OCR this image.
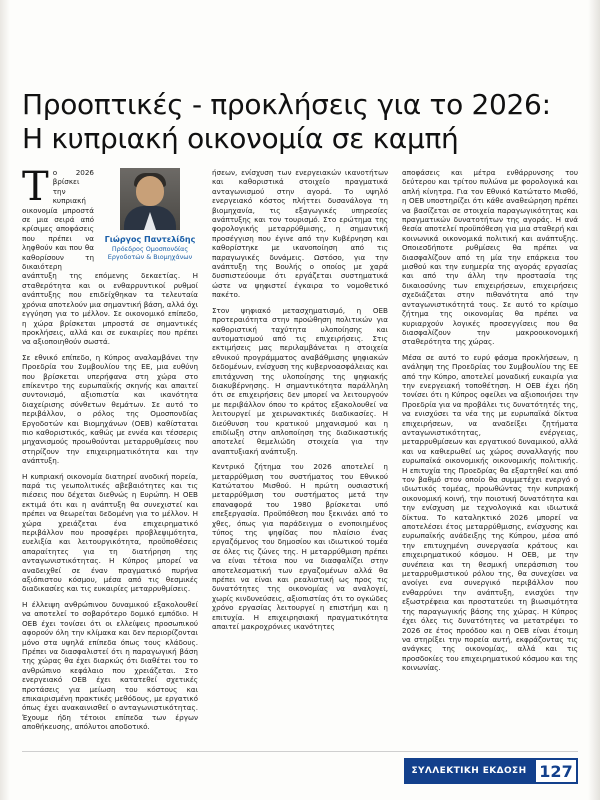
Προοπτικές - προκλήσεις για το 2026:
Η κυπριακή οικονομία σε καμπή
Γιώργος Παντελίδης
Πρόεδρος Ομοσπονδίας
Εργοδοτών & Βιομηχάνων

Το 2026 βρίσκει την κυπριακή οικονομία μπροστά σε μια σειρά από κρίσιμες αποφάσεις που πρέπει να ληφθούν και που θα καθορίσουν τη δικαιότερη ανάπτυξη της επόμενης δεκαετίας. Η σταθερότητα και οι ενθαρρυντικοί ρυθμοί ανάπτυξης που επιδείχθηκαν τα τελευταία χρόνια αποτελούν μια σημαντική βάση, αλλά όχι εγγύηση για το μέλλον. Σε οικονομικό επίπεδο, η χώρα βρίσκεται μπροστά σε σημαντικές προκλήσεις, αλλά και σε ευκαιρίες που πρέπει να αξιοποιηθούν σωστά.

Σε εθνικό επίπεδο, η Κύπρος αναλαμβάνει την Προεδρία του Συμβουλίου της ΕΕ, μια ευθύνη που βρίσκεται υπερήφανα στη χώρα στο επίκεντρο της ευρωπαϊκής σκηνής και απαιτεί συντονισμό, αξιοπιστία και ικανότητα διαχείρισης σύνθετων θεμάτων. Σε αυτό το περιβάλλον, ο ρόλος της Ομοσπονδίας Εργοδοτών και Βιομηχάνων (ΟΕΒ) καθίσταται πιο καθοριστικός, καθώς με εννέα και τέσσερις μηχανισμούς προωθούνται μεταρρυθμίσεις που στηρίζουν την επιχειρηματικότητα και την ανάπτυξη.

Η κυπριακή οικονομία διατηρεί ανοδική πορεία, παρά τις γεωπολιτικές αβεβαιότητες και τις πιέσεις που δέχεται διεθνώς η Ευρώπη. Η ΟΕΒ εκτιμά ότι και η ανάπτυξη θα συνεχιστεί και πρέπει να θεωρείται δεδομένη για το μέλλον. Η χώρα χρειάζεται ένα επιχειρηματικό περιβάλλον που προσφέρει προβλεψιμότητα, ευελιξία και λειτουργικότητα, προϋποθέσεις απαραίτητες για τη διατήρηση της ανταγωνιστικότητας. Η Κύπρος μπορεί να αναδειχθεί σε έναν πραγματικό πυρήνα αξιόπιστου κόσμου, μέσα από τις θεσμικές διαδικασίες και τις ευκαιρίες μεταρρυθμίσεις.

Η έλλειψη ανθρώπινου δυναμικού εξακολουθεί να αποτελεί το σοβαρότερο δομικό εμπόδιο. Η ΟΕΒ έχει τονίσει ότι οι ελλείψεις προσωπικού αφορούν όλη την κλίμακα και δεν περιορίζονται μόνο στα υψηλά επίπεδα όπως τους κλάδους. Πρέπει να διασφαλιστεί ότι η παραγωγική βάση της χώρας θα έχει διαρκώς ότι διαθέτει του το ανθρώπινο κεφάλαιο που χρειάζεται. Στο ενεργειακό ΟΕΒ έχει κατατεθεί σχετικές προτάσεις για μείωση του κόστους και επικαιρισμένη πρακτικές μεθόδους, με εργατικό όπως έχει ανακαινισθεί ο ανταγωνιστικότητας. Έχουμε ήδη τέτοιοι επίπεδα των έργων αποθήκευσης, απόλυτοι αποδοτικό.

ήσεων, ενίσχυση των ενεργειακών ικανοτήτων και καθοριστικά στοιχείο πραγματικά ανταγωνισμού στην αγορά. Το υψηλό ενεργειακό κόστος πλήττει δυσανάλογα τη βιομηχανία, τις εξαγωγικές υπηρεσίες ανάπτυξης και τον τουρισμό. Στο ερώτημα της φορολογικής μεταρρύθμισης, η σημαντική προσέγγιση που έγινε από την Κυβέρνηση και καθορίστηκε με ικανοποίηση από τις παραγωγικές δυνάμεις. Ωστόσο, για την ανάπτυξη της Βουλής ο οποίος με χαρά δυσπιστεύουμε ότι εργάζεται συστηματικά ώστε να ψηφιστεί έγκαιρα το νομοθετικό πακέτο.

Στον ψηφιακό μετασχηματισμό, η ΟΕΒ προτεραιότητα στην προώθηση πολιτικών για καθοριστική ταχύτητα υλοποίησης και αυτοματισμού από τις επιχειρήσεις. Στις εκτιμήσεις μας περιλαμβάνεται η στοιχεία εθνικού προγράμματος αναβάθμισης ψηφιακών δεδομένων, ενίσχυση της κυβερνοασφάλειας και επιτάχυνση της υλοποίησης της ψηφιακής διακυβέρνησης. Η σημαντικότητα παράλληλη ότι σε επιχειρήσεις δεν μπορεί να λειτουργούν με περιβάλλον όπου το κράτος εξακολουθεί να λειτουργεί με χειρωνακτικές διαδικασίες. Η διεύθυνση του κρατικού μηχανισμού και η επιδίωξη στην απλοποίηση της διαδικαστικής αποτελεί θεμελιώδη στοιχεία για την αναπτυξιακή ανάπτυξη.

Κεντρικό ζήτημα του 2026 αποτελεί η μεταρρύθμιση του συστήματος του Εθνικού Κατώτατου Μισθού. Η πρώτη ουσιαστική μεταρρύθμιση του συστήματος μετά την επαναφορά του 1980 βρίσκεται υπό επεξεργασία. Προϋπόθεση που ξεκινάει από το χθες, όπως για παράδειγμα ο ενοποιημένος τύπος της ψηφίδας που πλαίσιο ένας εργαζόμενος του δημοσίου και ιδιωτικού τομέα σε όλες τις ζώνες της. Η μεταρρύθμιση πρέπει να είναι τέτοια που να διασφαλίζει στην αποτελεσματική των εργαζομένων αλλά θα πρέπει να είναι και ρεαλιστική ως προς τις δυνατότητες της οικονομίας να αναλογεί, χωρίς κινδυνεύσεις, αξιοπιστίας ότι το ογκώδες χρόνο εργασίας λειτουργεί η επιστήμη και η επιτυχία. Η επιχειρησιακή πραγματικότητα απαιτεί μακροχρόνιες ικανότητες

αποφάσεις και μέτρα ενθάρρυνσης του δεύτερου και τρίτου πυλώνα με φορολογικά και απλή κίνητρα. Για τον Εθνικό Κατώτατο Μισθό, η ΟΕΒ υποστηρίζει ότι κάθε αναθεώρηση πρέπει να βασίζεται σε στοιχεία παραγωγικότητας και πραγματικών δυνατοτήτων της αγοράς. Η ανά θεσία αποτελεί προϋπόθεση για μια σταθερή και κοινωνικά οικονομικά πολιτική και ανάπτυξης. Οποιεσδήποτε ρυθμίσεις θα πρέπει να διασφαλίζουν από τη μία την επάρκεια του μισθού και την ευημερία της αγοράς εργασίας και από την άλλη την προστασία της δικαιοσύνης των επιχειρήσεων, επιχειρήσεις σχεδιάζεται στην πιθανότητα από την ανταγωνιστικότητά τους. Σε αυτό το κρίσιμο ζήτημα της οικονομίας θα πρέπει να κυριαρχούν λογικές προσεγγίσεις που θα διασφαλίζουν την μακροοικονομική σταθερότητα της χώρας.

Μέσα σε αυτό το ευρύ φάσμα προκλήσεων, η ανάληψη της Προεδρίας του Συμβουλίου της ΕΕ από την Κύπρο, αποτελεί μοναδική ευκαιρία για την ενεργειακή τοποθέτηση. Η ΟΕΒ έχει ήδη τονίσει ότι η Κύπρος οφείλει να αξιοποιήσει την Προεδρία για να προβάλει τις δυνατότητές της, να ενισχύσει τα νέα της με ευρωπαϊκά δίκτυα επιχειρήσεων, να αναδείξει ζητήματα ανταγωνιστικότητας, ενέργειας, μεταρρυθμίσεων και εργατικού δυναμικού, αλλά και να καθιερωθεί ως χώρος συναλλαγής που ευρωπαϊκά οικονομικής οικονομικής πολιτικής. Η επιτυχία της Προεδρίας θα εξαρτηθεί και από τον βαθμό στον οποίο θα συμμετέχει ενεργό ο ιδιωτικός τομέας, προωθώντας την κυπριακή οικονομική κοινή, την ποιοτική δυνατότητα και την ενίσχυση με τεχνολογικά και ιδιωτικά δίκτυα. Το καταληκτικό 2026 μπορεί να αποτελέσει έτος μεταρρύθμισης, ενίσχυσης και ευρωπαϊκής ανάδειξης της Κύπρου, μέσα από την επιτυχημένη συνεργασία κράτους και επιχειρηματικού κόσμου. Η ΟΕΒ, με την συνέπεια και τη θεσμική υπεράσπιση του μεταρρυθμιστικού ρόλου της, θα συνεχίσει να ανοίγει ενα συνεργικό περιβάλλον που ενθαρρύνει την ανάπτυξη, ενισχύει την εξωστρέφεια και προστατεύει τη βιωσιμότητα της παραγωγικής βάσης της χώρας. Η Κύπρος έχει όλες τις δυνατότητες να μετατρέψει το 2026 σε έτος προόδου και η ΟΕΒ είναι έτοιμη να στηρίξει την πορεία αυτή, εκφράζοντας τις ανάγκες της οικονομίας, αλλά και τις προσδοκίες του επιχειρηματικού κόσμου και της κοινωνίας.

ΣΥΛΛΕΚΤΙΚΗ ΕΚΔΟΣΗ 127
